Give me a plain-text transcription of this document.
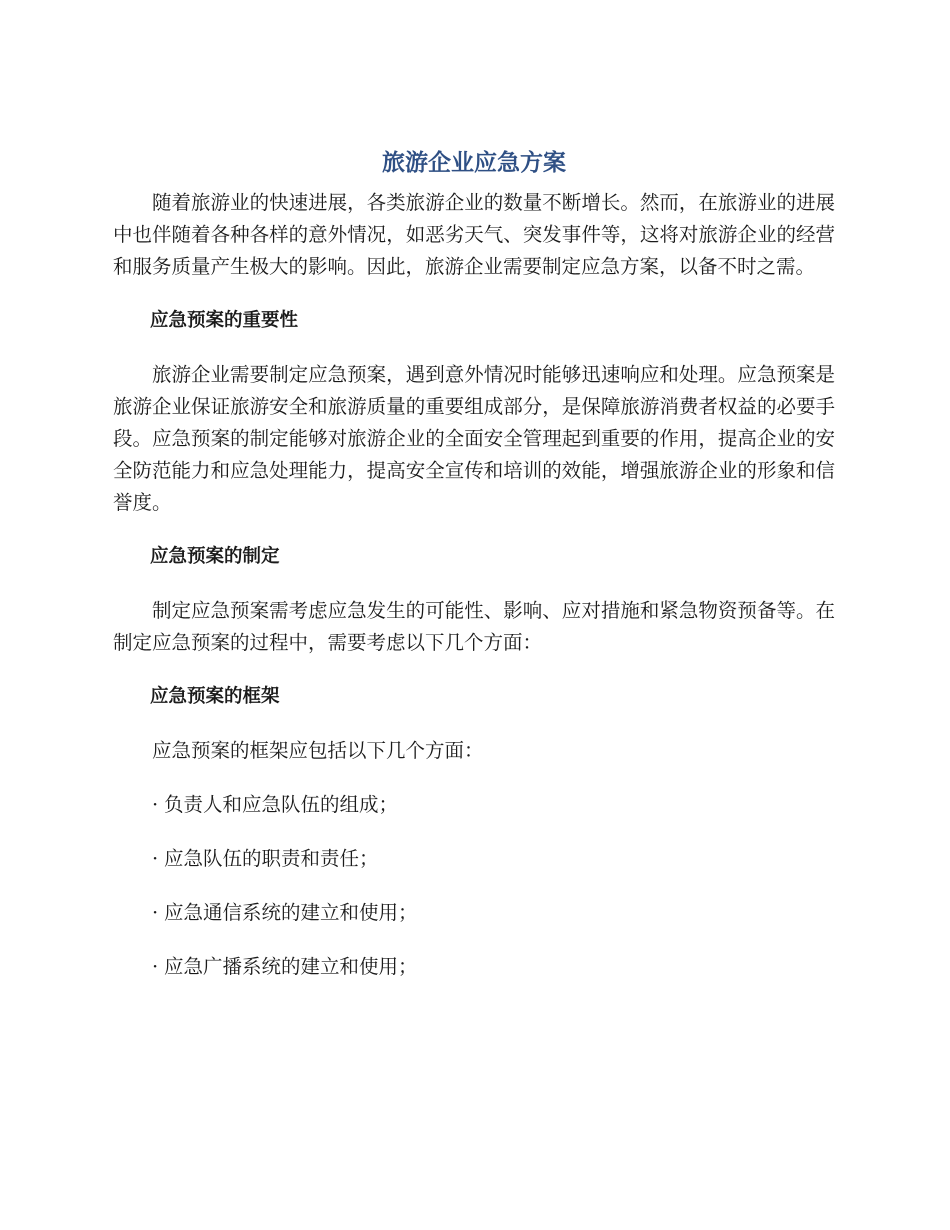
旅游企业应急方案

随着旅游业的快速进展，各类旅游企业的数量不断增长。然而，在旅游业的进展中也伴随着各种各样的意外情况，如恶劣天气、突发事件等，这将对旅游企业的经营和服务质量产生极大的影响。因此，旅游企业需要制定应急方案，以备不时之需。

应急预案的重要性

旅游企业需要制定应急预案，遇到意外情况时能够迅速响应和处理。应急预案是旅游企业保证旅游安全和旅游质量的重要组成部分，是保障旅游消费者权益的必要手段。应急预案的制定能够对旅游企业的全面安全管理起到重要的作用，提高企业的安全防范能力和应急处理能力，提高安全宣传和培训的效能，增强旅游企业的形象和信誉度。

应急预案的制定

制定应急预案需考虑应急发生的可能性、影响、应对措施和紧急物资预备等。在制定应急预案的过程中，需要考虑以下几个方面：

应急预案的框架

应急预案的框架应包括以下几个方面：

· 负责人和应急队伍的组成；
· 应急队伍的职责和责任；
· 应急通信系统的建立和使用；
· 应急广播系统的建立和使用；
